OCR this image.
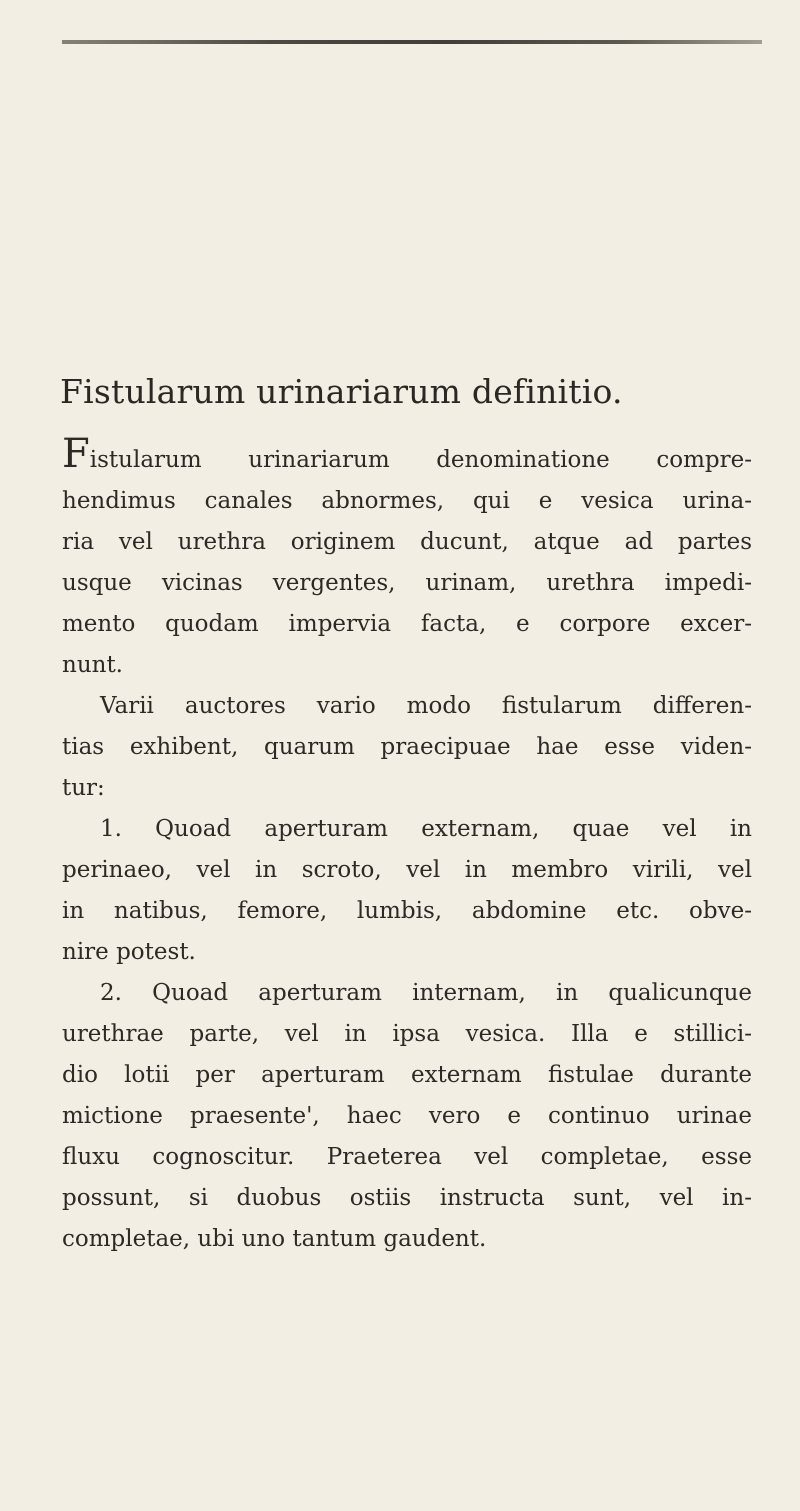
Fistularum urinariarum definitio.
Fistularum urinariarum denominatione compre-
hendimus canales abnormes, qui e vesica urina-
ria vel urethra originem ducunt, atque ad partes
usque vicinas vergentes, urinam, urethra impedi-
mento quodam impervia facta, e corpore excer-
nunt.
Varii auctores vario modo fistularum differen-
tias exhibent, quarum praecipuae hae esse viden-
tur:
1. Quoad aperturam externam, quae vel in
perinaeo, vel in scroto, vel in membro virili, vel
in natibus, femore, lumbis, abdomine etc. obve-
nire potest.
2. Quoad aperturam internam, in qualicunque
urethrae parte, vel in ipsa vesica. Illa e stillici-
dio lotii per aperturam externam fistulae durante
mictione praesente', haec vero e continuo urinae
fluxu cognoscitur. Praeterea vel completae, esse
possunt, si duobus ostiis instructa sunt, vel in-
completae, ubi uno tantum gaudent.
